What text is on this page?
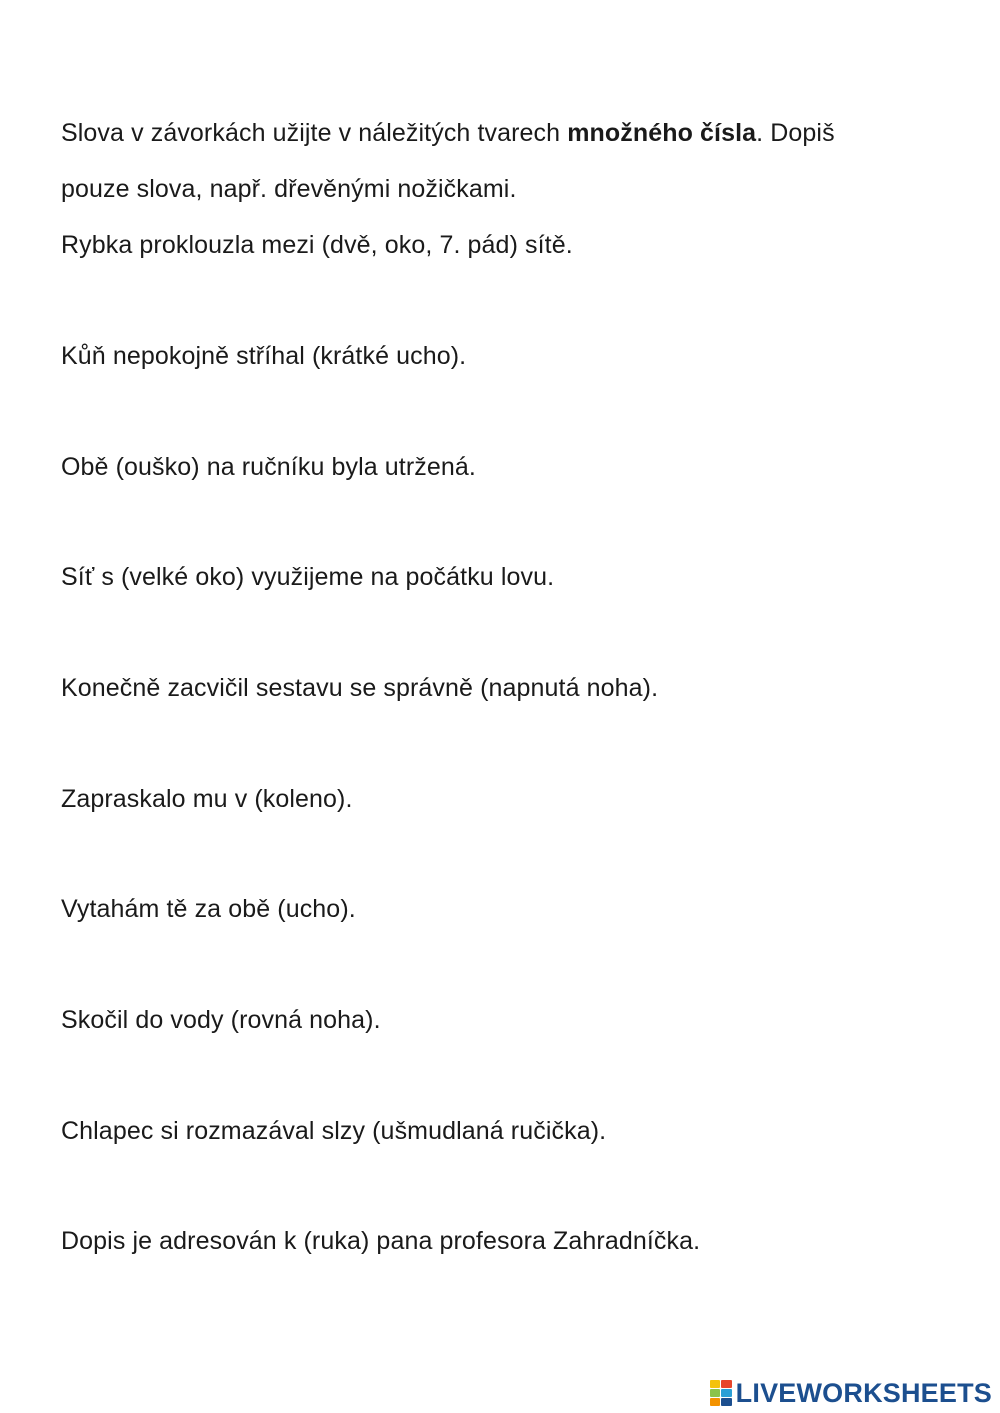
Slova v závorkách užijte v náležitých tvarech množného čísla. Dopiš
pouze slova, např. dřevěnými nožičkami.
Rybka proklouzla mezi (dvě, oko, 7. pád) sítě.
Kůň nepokojně stříhal (krátké ucho).
Obě (ouško) na ručníku byla utržená.
Síť s (velké oko) využijeme na počátku lovu.
Konečně zacvičil sestavu se správně (napnutá noha).
Zapraskalo mu v (koleno).
Vytahám tě za obě (ucho).
Skočil do vody (rovná noha).
Chlapec si rozmazával slzy (ušmudlaná ručička).
Dopis je adresován k (ruka) pana profesora Zahradníčka.
LIVEWORKSHEETS
